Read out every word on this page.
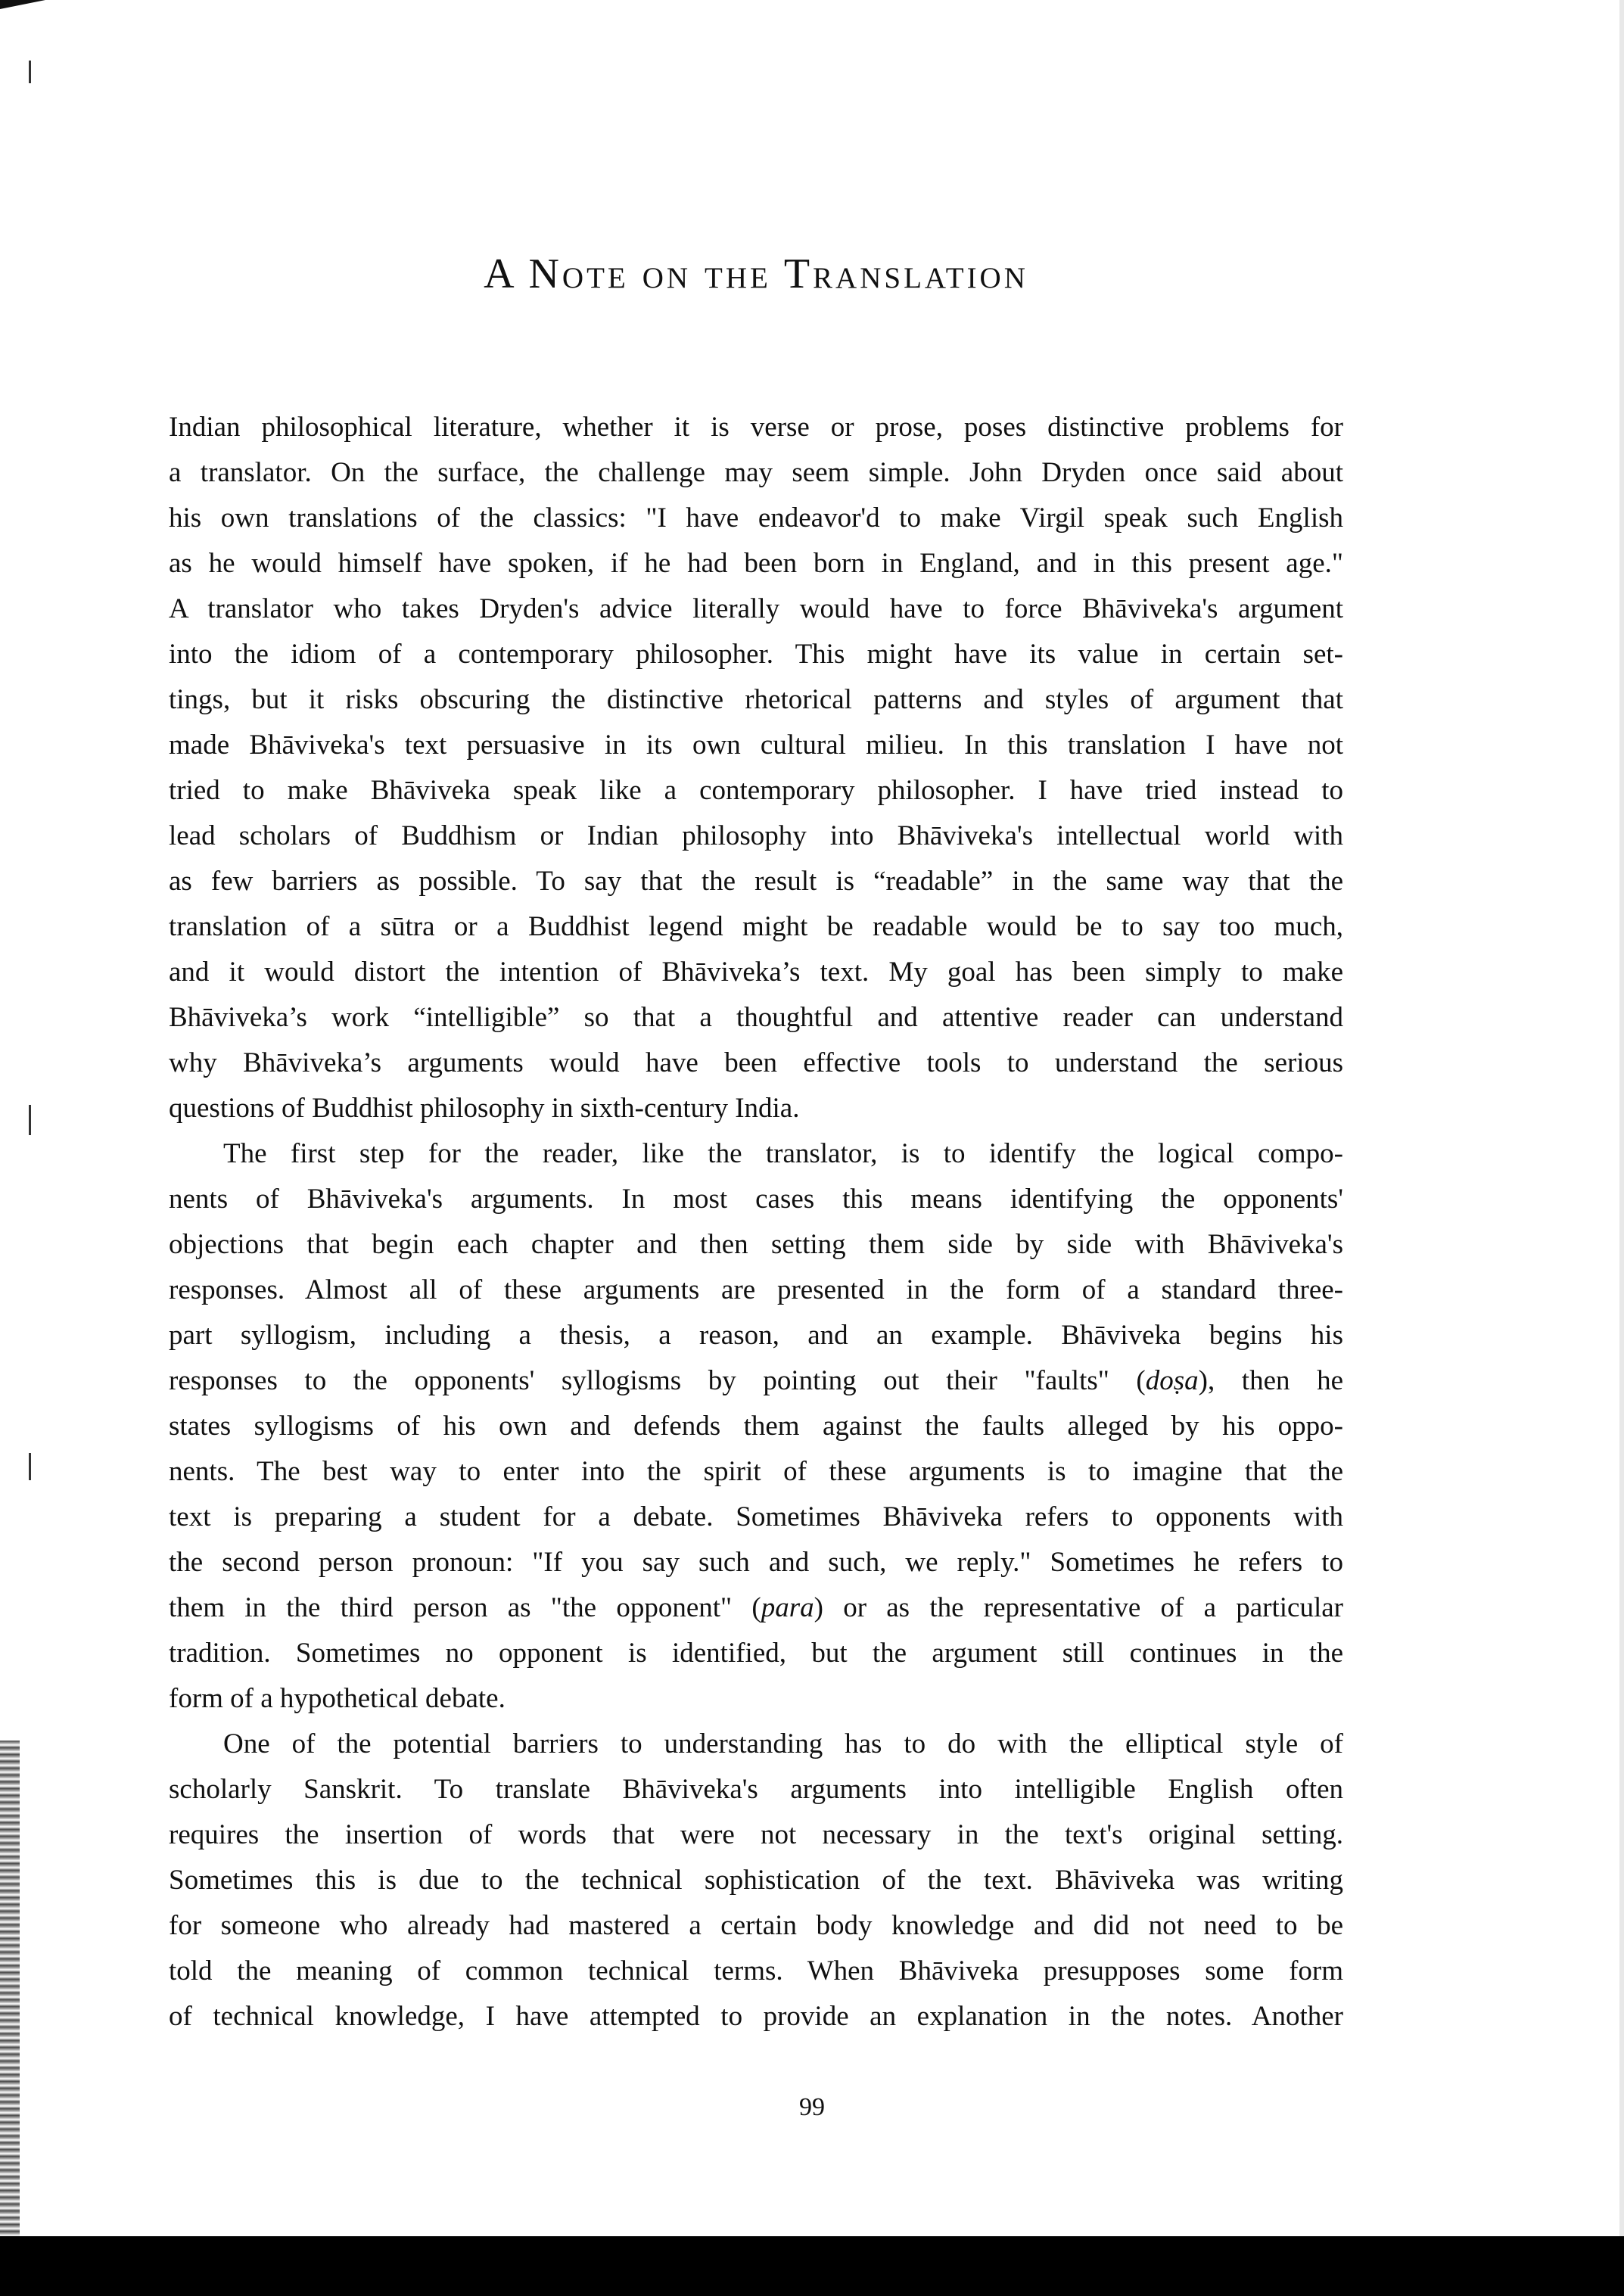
A Note on the Translation
Indian philosophical literature, whether it is verse or prose, poses distinctive problems for
a translator. On the surface, the challenge may seem simple. John Dryden once said about
his own translations of the classics: "I have endeavor'd to make Virgil speak such English
as he would himself have spoken, if he had been born in England, and in this present age."
A translator who takes Dryden's advice literally would have to force Bhāviveka's argument
into the idiom of a contemporary philosopher. This might have its value in certain set-
tings, but it risks obscuring the distinctive rhetorical patterns and styles of argument that
made Bhāviveka's text persuasive in its own cultural milieu. In this translation I have not
tried to make Bhāviveka speak like a contemporary philosopher. I have tried instead to
lead scholars of Buddhism or Indian philosophy into Bhāviveka's intellectual world with
as few barriers as possible. To say that the result is “readable” in the same way that the
translation of a sūtra or a Buddhist legend might be readable would be to say too much,
and it would distort the intention of Bhāviveka’s text. My goal has been simply to make
Bhāviveka’s work “intelligible” so that a thoughtful and attentive reader can understand
why Bhāviveka’s arguments would have been effective tools to understand the serious
questions of Buddhist philosophy in sixth-century India.
The first step for the reader, like the translator, is to identify the logical compo-
nents of Bhāviveka's arguments. In most cases this means identifying the opponents'
objections that begin each chapter and then setting them side by side with Bhāviveka's
responses. Almost all of these arguments are presented in the form of a standard three-
part syllogism, including a thesis, a reason, and an example. Bhāviveka begins his
responses to the opponents' syllogisms by pointing out their "faults" (doṣa), then he
states syllogisms of his own and defends them against the faults alleged by his oppo-
nents. The best way to enter into the spirit of these arguments is to imagine that the
text is preparing a student for a debate. Sometimes Bhāviveka refers to opponents with
the second person pronoun: "If you say such and such, we reply." Sometimes he refers to
them in the third person as "the opponent" (para) or as the representative of a particular
tradition. Sometimes no opponent is identified, but the argument still continues in the
form of a hypothetical debate.
One of the potential barriers to understanding has to do with the elliptical style of
scholarly Sanskrit. To translate Bhāviveka's arguments into intelligible English often
requires the insertion of words that were not necessary in the text's original setting.
Sometimes this is due to the technical sophistication of the text. Bhāviveka was writing
for someone who already had mastered a certain body knowledge and did not need to be
told the meaning of common technical terms. When Bhāviveka presupposes some form
of technical knowledge, I have attempted to provide an explanation in the notes. Another
99
